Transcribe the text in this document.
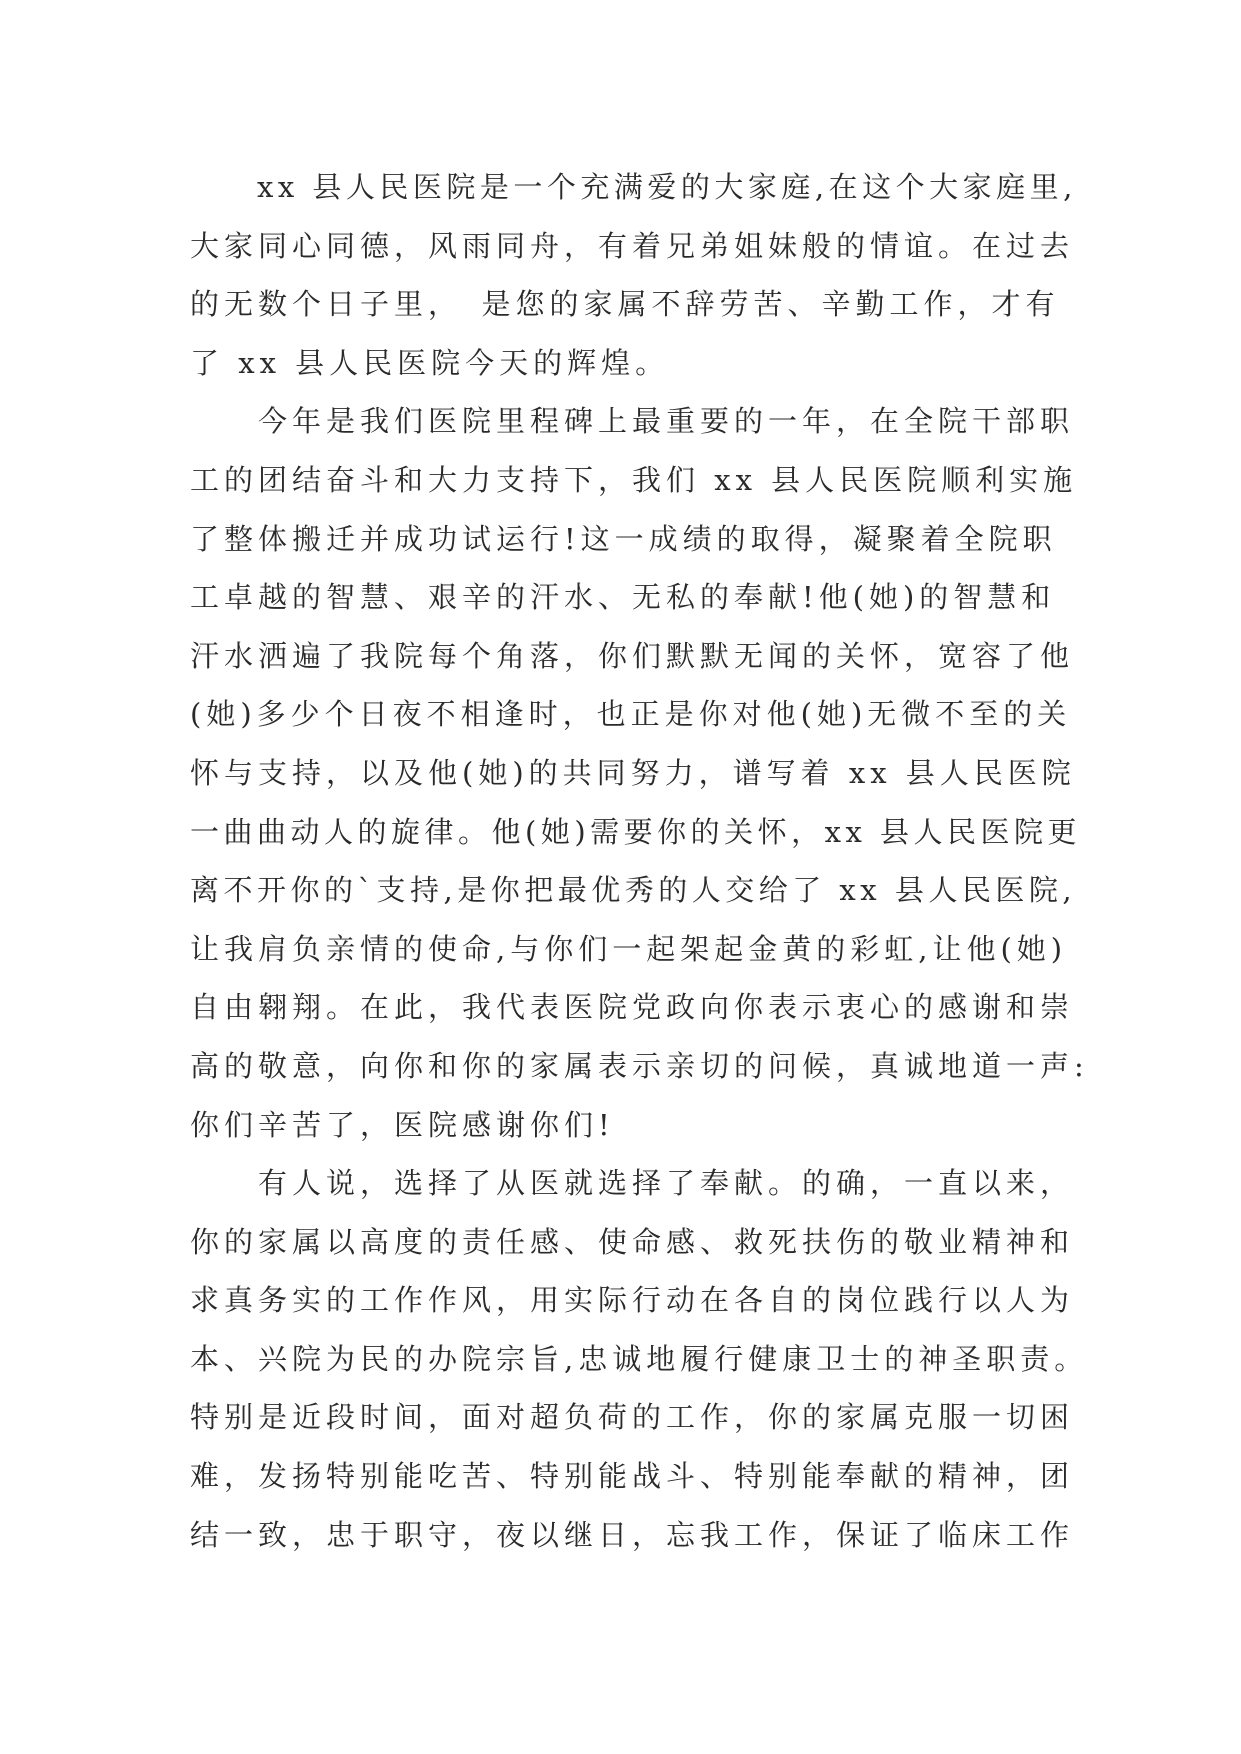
　　xx 县人民医院是一个充满爱的大家庭,在这个大家庭里,
大家同心同德，风雨同舟，有着兄弟姐妹般的情谊。在过去
的无数个日子里，　是您的家属不辞劳苦、辛勤工作，才有
了 xx 县人民医院今天的辉煌。
　　今年是我们医院里程碑上最重要的一年，在全院干部职
工的团结奋斗和大力支持下，我们 xx 县人民医院顺利实施
了整体搬迁并成功试运行!这一成绩的取得，凝聚着全院职
工卓越的智慧、艰辛的汗水、无私的奉献!他(她)的智慧和
汗水洒遍了我院每个角落，你们默默无闻的关怀，宽容了他
(她)多少个日夜不相逢时，也正是你对他(她)无微不至的关
怀与支持，以及他(她)的共同努力，谱写着 xx 县人民医院
一曲曲动人的旋律。他(她)需要你的关怀，xx 县人民医院更
离不开你的`支持,是你把最优秀的人交给了 xx 县人民医院,
让我肩负亲情的使命,与你们一起架起金黄的彩虹,让他(她)
自由翱翔。在此，我代表医院党政向你表示衷心的感谢和崇
高的敬意，向你和你的家属表示亲切的问候，真诚地道一声:
你们辛苦了，医院感谢你们!
　　有人说，选择了从医就选择了奉献。的确，一直以来，
你的家属以高度的责任感、使命感、救死扶伤的敬业精神和
求真务实的工作作风，用实际行动在各自的岗位践行以人为
本、兴院为民的办院宗旨,忠诚地履行健康卫士的神圣职责。
特别是近段时间，面对超负荷的工作，你的家属克服一切困
难，发扬特别能吃苦、特别能战斗、特别能奉献的精神，团
结一致，忠于职守，夜以继日，忘我工作，保证了临床工作
